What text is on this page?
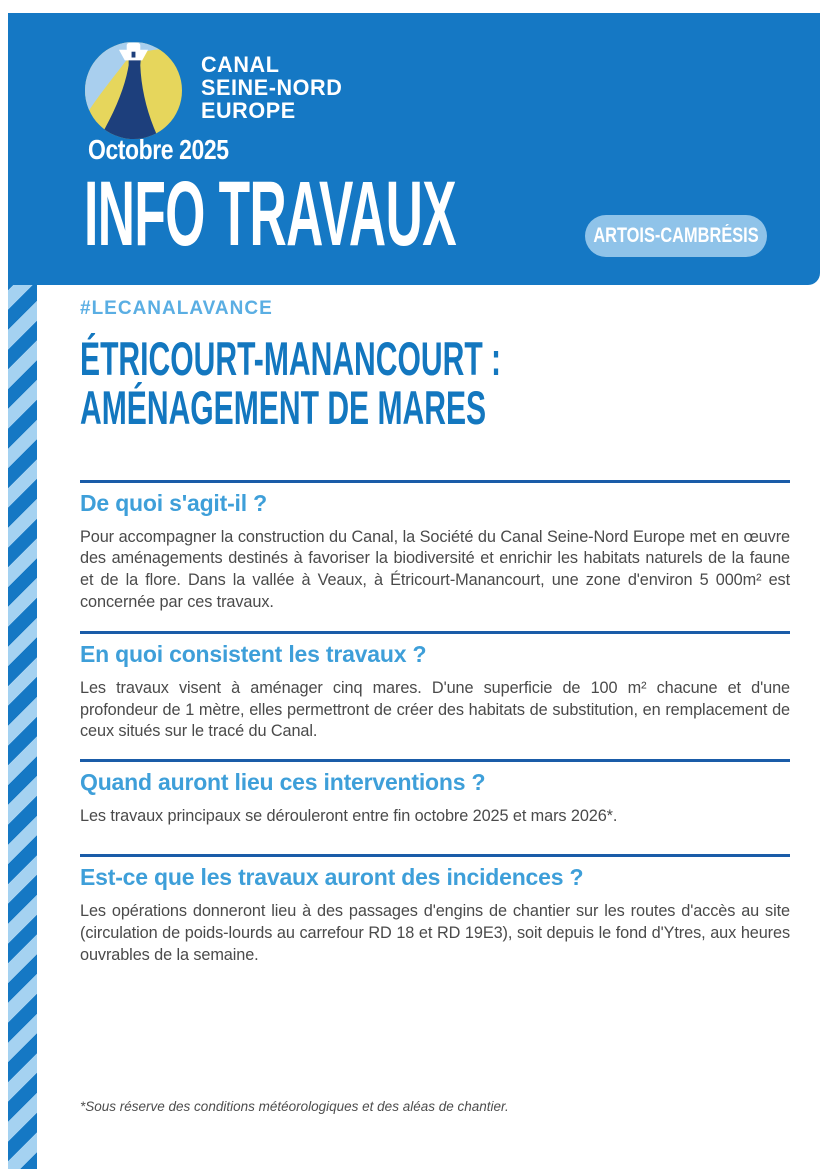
CANAL
SEINE-NORD
EUROPE
Octobre 2025
INFO TRAVAUX	ARTOIS-CAMBRÉSIS
#LECANALAVANCE
ÉTRICOURT-MANANCOURT :
AMÉNAGEMENT DE MARES
De quoi s'agit-il ?

Pour accompagner la construction du Canal, la Société du Canal Seine-Nord Europe met en œuvre des aménagements destinés à favoriser la biodiversité et enrichir les habitats naturels de la faune et de la flore. Dans la vallée à Veaux, à Étricourt-Manancourt, une zone d'environ 5 000m² est concernée par ces travaux.

En quoi consistent les travaux ?

Les travaux visent à aménager cinq mares. D'une superficie de 100 m² chacune et d'une profondeur de 1 mètre, elles permettront de créer des habitats de substitution, en remplacement de ceux situés sur le tracé du Canal.

Quand auront lieu ces interventions ?

Les travaux principaux se dérouleront entre fin octobre 2025 et mars 2026*.

Est-ce que les travaux auront des incidences ?

Les opérations donneront lieu à des passages d'engins de chantier sur les routes d'accès au site (circulation de poids-lourds au carrefour RD 18 et RD 19E3), soit depuis le fond d'Ytres, aux heures ouvrables de la semaine.

*Sous réserve des conditions météorologiques et des aléas de chantier.
